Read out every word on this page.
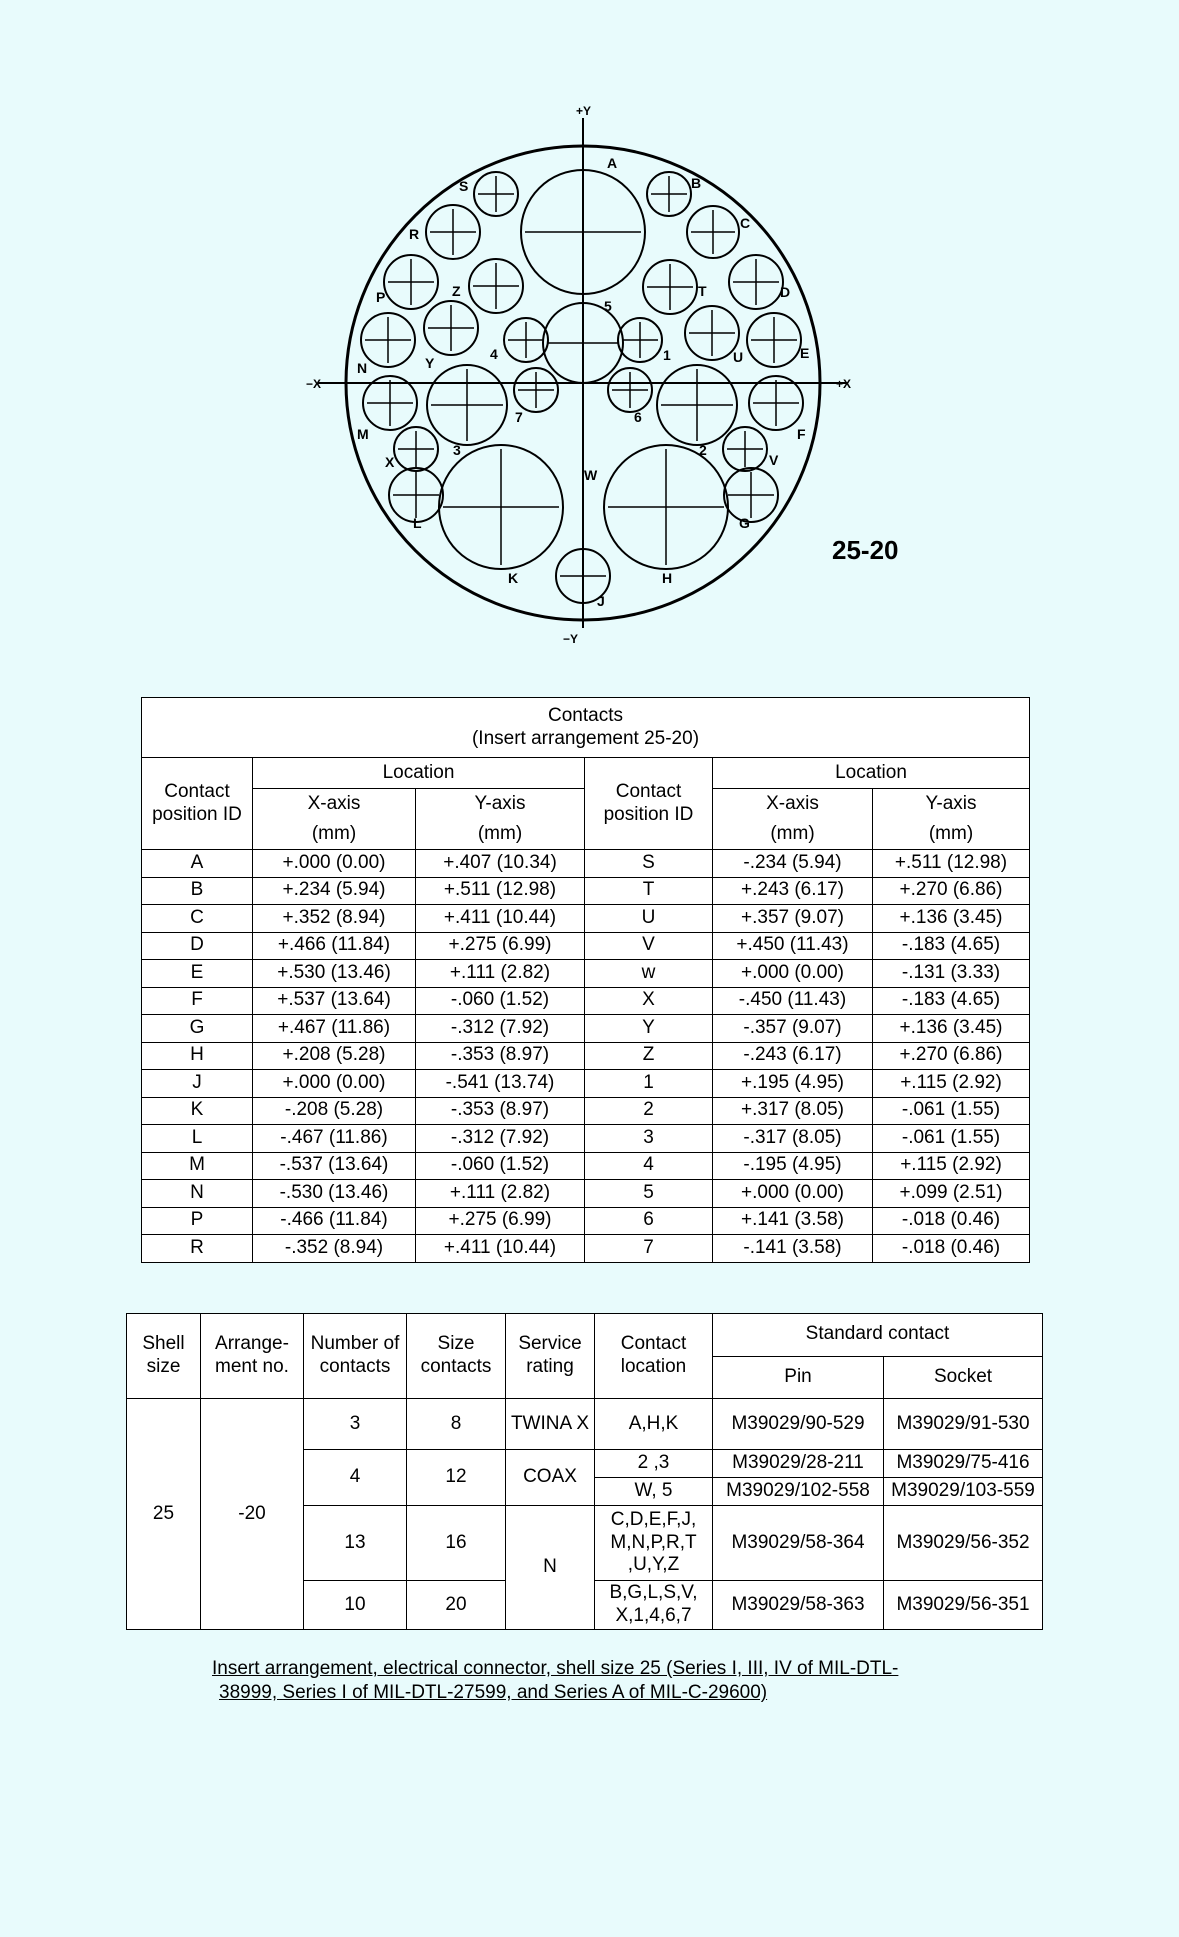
A
B
C
D
E
F
G
H
J
K
L
M
N
P
R
S
T
U
V
W
X
Y
Z
1
2
3
4
5
6
7
+Y
−Y
−X	+X
25-20
Contacts
(Insert arrangement 25-20)					
Contact position ID	Location		Contact position ID	Location	
	X-axis	Y-axis		X-axis	Y-axis
	(mm)	(mm)		(mm)	(mm)
A	+.000 (0.00)	+.407 (10.34)	S	-.234 (5.94)	+.511 (12.98)
B	+.234 (5.94)	+.511 (12.98)	T	+.243 (6.17)	+.270 (6.86)
C	+.352 (8.94)	+.411 (10.44)	U	+.357 (9.07)	+.136 (3.45)
D	+.466 (11.84)	+.275 (6.99)	V	+.450 (11.43)	-.183 (4.65)
E	+.530 (13.46)	+.111 (2.82)	w	+.000 (0.00)	-.131 (3.33)
F	+.537 (13.64)	-.060 (1.52)	X	-.450 (11.43)	-.183 (4.65)
G	+.467 (11.86)	-.312 (7.92)	Y	-.357 (9.07)	+.136 (3.45)
H	+.208 (5.28)	-.353 (8.97)	Z	-.243 (6.17)	+.270 (6.86)
J	+.000 (0.00)	-.541 (13.74)	1	+.195 (4.95)	+.115 (2.92)
K	-.208 (5.28)	-.353 (8.97)	2	+.317 (8.05)	-.061 (1.55)
L	-.467 (11.86)	-.312 (7.92)	3	-.317 (8.05)	-.061 (1.55)
M	-.537 (13.64)	-.060 (1.52)	4	-.195 (4.95)	+.115 (2.92)
N	-.530 (13.46)	+.111 (2.82)	5	+.000 (0.00)	+.099 (2.51)
P	-.466 (11.84)	+.275 (6.99)	6	+.141 (3.58)	-.018 (0.46)
R	-.352 (8.94)	+.411 (10.44)	7	-.141 (3.58)	-.018 (0.46)
Shell size	Arrange- ment no.	Number of contacts	Size contacts	Service rating	Contact location	Standard contact	
						Pin	Socket
25	-20	3	8	TWINA X	A,H,K	M39029/90-529	M39029/91-530
		4	12	COAX	2 ,3	M39029/28-211	M39029/75-416
					W, 5	M39029/102-558	M39029/103-559
		13	16	N	C,D,E,F,J, M,N,P,R,T ,U,Y,Z	M39029/58-364	M39029/56-352
		10	20		B,G,L,S,V, X,1,4,6,7	M39029/58-363	M39029/56-351
Insert arrangement, electrical connector, shell size 25 (Series I, III, IV of MIL-DTL-
38999, Series I of MIL-DTL-27599, and Series A of MIL-C-29600)
